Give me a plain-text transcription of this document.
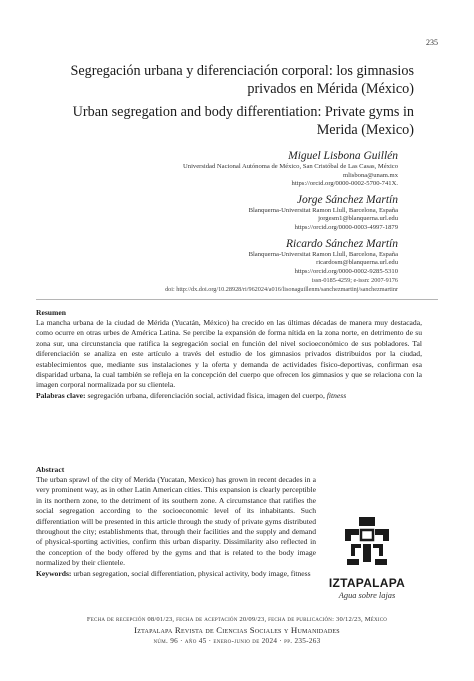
235
Segregación urbana y diferenciación corporal: los gimnasios privados en Mérida (México)
Urban segregation and body differentiation: Private gyms in Merida (Mexico)
Miguel Lisbona Guillén
Universidad Nacional Autónoma de México, San Cristóbal de Las Casas, México
mlisbona@unam.mx
https://orcid.org/0000-0002-5700-741X.
Jorge Sánchez Martín
Blanquerna-Universitat Ramon Llull, Barcelona, España
jorgesm1@blanquerna.url.edu
https://orcid.org/0000-0003-4997-1879
Ricardo Sánchez Martín
Blanquerna-Universitat Ramon Llull, Barcelona, España
ricardosm@blanquerna.url.edu
https://orcid.org/0000-0002-9285-5310
issn-0185-4259; e-issn: 2007-9176
doi: http://dx.doi.org/10.28928/ri/962024/a016/lisonaguillenm/sanchezmartinj/sanchezmartinr
Resumen
La mancha urbana de la ciudad de Mérida (Yucatán, México) ha crecido en las últimas décadas de manera muy destacada, como ocurre en otras urbes de América Latina. Se percibe la expansión de forma nítida en la zona norte, en detrimento de su zona sur, una circunstancia que ratifica la segregación social en función del nivel socioeconómico de sus pobladores. Tal diferenciación se analiza en este artículo a través del estudio de los gimnasios privados distribuidos por la ciudad, establecimientos que, mediante sus instalaciones y la oferta y demanda de actividades físico-deportivas, confirman esa disparidad urbana, la cual también se refleja en la concepción del cuerpo que ofrecen los gimnasios y que se relaciona con la imagen corporal normalizada por su clientela.
Palabras clave: segregación urbana, diferenciación social, actividad física, imagen del cuerpo, fitness
Abstract
The urban sprawl of the city of Merida (Yucatan, Mexico) has grown in recent decades in a very prominent way, as in other Latin American cities. This expansion is clearly perceptible in its northern zone, to the detriment of its southern zone. A circumstance that ratifies the social segregation according to the socioeconomic level of its inhabitants. Such differentiation will be presented in this article through the study of private gyms distributed throughout the city; establishments that, through their facilities and the supply and demand of physical-sporting activities, confirm this urban disparity. Dissimilarity also reflected in the conception of the body offered by the gyms and that is related to the body image normalized by their clientele.
Keywords: urban segregation, social differentiation, physical activity, body image, fitness
IZTAPALAPA
Agua sobre lajas
Fecha de recepción 08/01/23, fecha de aceptación 20/09/23, fecha de publicación: 30/12/23, México
Iztapalapa Revista de Ciencias Sociales y Humanidades
núm. 96 · año 45 · enero-junio de 2024 · pp. 235-263
